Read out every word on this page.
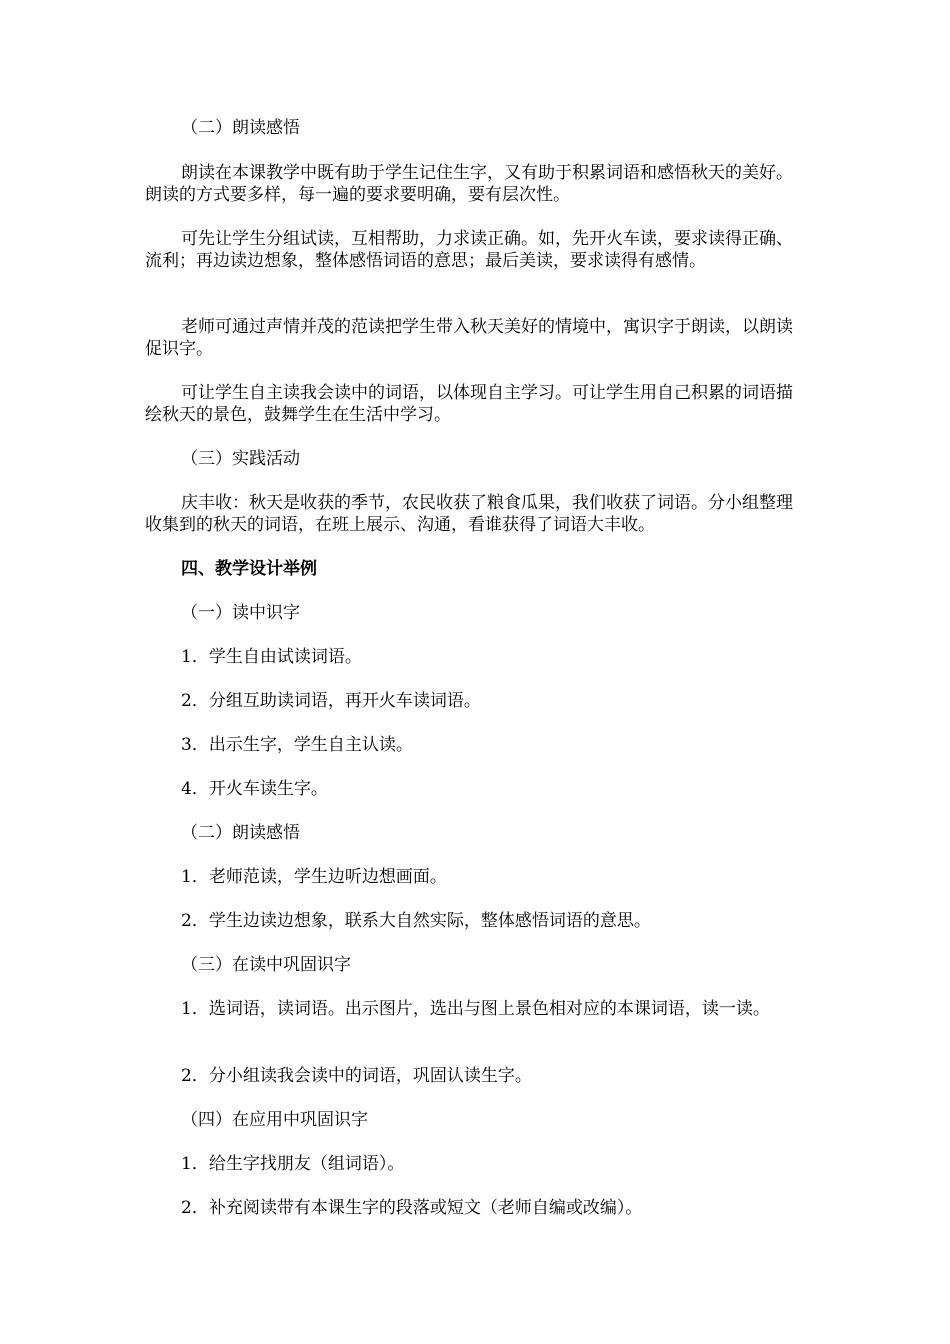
（二）朗读感悟

朗读在本课教学中既有助于学生记住生字，又有助于积累词语和感悟秋天的美好。朗读的方式要多样，每一遍的要求要明确，要有层次性。

可先让学生分组试读，互相帮助，力求读正确。如，先开火车读，要求读得正确、流利；再边读边想象，整体感悟词语的意思；最后美读，要求读得有感情。

老师可通过声情并茂的范读把学生带入秋天美好的情境中，寓识字于朗读，以朗读促识字。

可让学生自主读我会读中的词语，以体现自主学习。可让学生用自己积累的词语描绘秋天的景色，鼓舞学生在生活中学习。

（三）实践活动

庆丰收：秋天是收获的季节，农民收获了粮食瓜果，我们收获了词语。分小组整理收集到的秋天的词语，在班上展示、沟通，看谁获得了词语大丰收。

四、教学设计举例

（一）读中识字

1．学生自由试读词语。

2．分组互助读词语，再开火车读词语。

3．出示生字，学生自主认读。

4．开火车读生字。

（二）朗读感悟

1．老师范读，学生边听边想画面。

2．学生边读边想象，联系大自然实际，整体感悟词语的意思。

（三）在读中巩固识字

1．选词语，读词语。出示图片，选出与图上景色相对应的本课词语，读一读。

2．分小组读我会读中的词语，巩固认读生字。

（四）在应用中巩固识字

1．给生字找朋友（组词语）。

2．补充阅读带有本课生字的段落或短文（老师自编或改编）。
